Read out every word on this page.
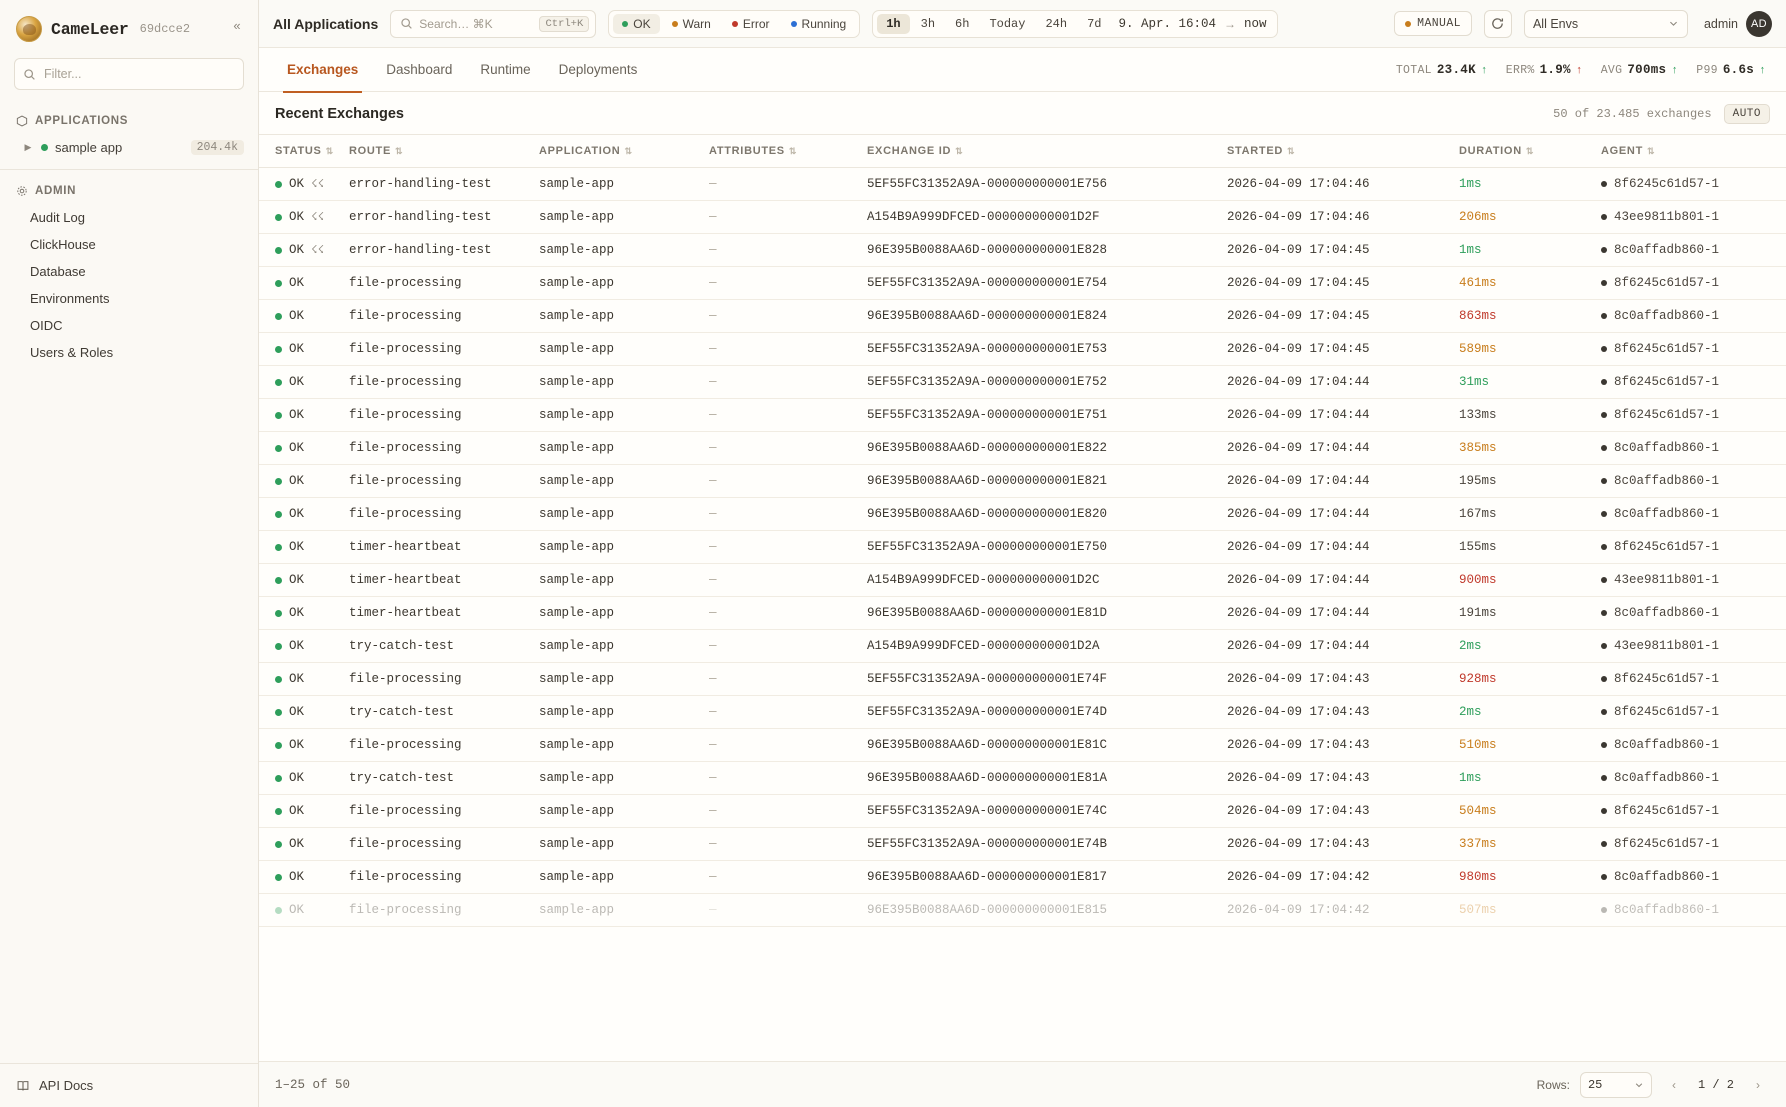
CameLeer 69dcce2	«
Filter...
APPLICATIONS
▶ sample app	204.4k
ADMIN
Audit Log
ClickHouse
Database
Environments
OIDC
Users & Roles
API Docs
All Applications	Search… ⌘K	Ctrl+K	OK	Warn	Error	Running	1h	3h	6h	Today	24h	7d	9. Apr. 16:04 → now	MANUAL	All Envs	admin	AD
Exchanges	Dashboard	Runtime	Deployments	TOTAL 23.4K ↑ ERR% 1.9% ↑ AVG 700ms ↑ P99 6.6s ↑
Recent Exchanges	50 of 23.485 exchanges	AUTO
STATUS ⇅	ROUTE ⇅	APPLICATION ⇅	ATTRIBUTES ⇅	EXCHANGE ID ⇅	STARTED ⇅	DURATION ⇅	AGENT ⇅

OK ☇☇	error-handling-test	sample-app	—	5EF55FC31352A9A-000000000001E756	2026-04-09 17:04:46	1ms	8f6245c61d57-1

OK ☇☇	error-handling-test	sample-app	—	A154B9A999DFCED-000000000001D2F	2026-04-09 17:04:46	206ms	43ee9811b801-1

OK ☇☇	error-handling-test	sample-app	—	96E395B0088AA6D-000000000001E828	2026-04-09 17:04:45	1ms	8c0affadb860-1

OK	file-processing	sample-app	—	5EF55FC31352A9A-000000000001E754	2026-04-09 17:04:45	461ms	8f6245c61d57-1

OK	file-processing	sample-app	—	96E395B0088AA6D-000000000001E824	2026-04-09 17:04:45	863ms	8c0affadb860-1

OK	file-processing	sample-app	—	5EF55FC31352A9A-000000000001E753	2026-04-09 17:04:45	589ms	8f6245c61d57-1

OK	file-processing	sample-app	—	5EF55FC31352A9A-000000000001E752	2026-04-09 17:04:44	31ms	8f6245c61d57-1

OK	file-processing	sample-app	—	5EF55FC31352A9A-000000000001E751	2026-04-09 17:04:44	133ms	8f6245c61d57-1

OK	file-processing	sample-app	—	96E395B0088AA6D-000000000001E822	2026-04-09 17:04:44	385ms	8c0affadb860-1

OK	file-processing	sample-app	—	96E395B0088AA6D-000000000001E821	2026-04-09 17:04:44	195ms	8c0affadb860-1

OK	file-processing	sample-app	—	96E395B0088AA6D-000000000001E820	2026-04-09 17:04:44	167ms	8c0affadb860-1

OK	timer-heartbeat	sample-app	—	5EF55FC31352A9A-000000000001E750	2026-04-09 17:04:44	155ms	8f6245c61d57-1

OK	timer-heartbeat	sample-app	—	A154B9A999DFCED-000000000001D2C	2026-04-09 17:04:44	900ms	43ee9811b801-1

OK	timer-heartbeat	sample-app	—	96E395B0088AA6D-000000000001E81D	2026-04-09 17:04:44	191ms	8c0affadb860-1

OK	try-catch-test	sample-app	—	A154B9A999DFCED-000000000001D2A	2026-04-09 17:04:44	2ms	43ee9811b801-1

OK	file-processing	sample-app	—	5EF55FC31352A9A-000000000001E74F	2026-04-09 17:04:43	928ms	8f6245c61d57-1

OK	try-catch-test	sample-app	—	5EF55FC31352A9A-000000000001E74D	2026-04-09 17:04:43	2ms	8f6245c61d57-1

OK	file-processing	sample-app	—	96E395B0088AA6D-000000000001E81C	2026-04-09 17:04:43	510ms	8c0affadb860-1

OK	try-catch-test	sample-app	—	96E395B0088AA6D-000000000001E81A	2026-04-09 17:04:43	1ms	8c0affadb860-1

OK	file-processing	sample-app	—	5EF55FC31352A9A-000000000001E74C	2026-04-09 17:04:43	504ms	8f6245c61d57-1

OK	file-processing	sample-app	—	5EF55FC31352A9A-000000000001E74B	2026-04-09 17:04:43	337ms	8f6245c61d57-1

OK	file-processing	sample-app	—	96E395B0088AA6D-000000000001E817	2026-04-09 17:04:42	980ms	8c0affadb860-1

OK	file-processing	sample-app	—	96E395B0088AA6D-000000000001E815	2026-04-09 17:04:42	507ms	8c0affadb860-1
1–25 of 50	Rows: 25	‹	1 / 2	›
